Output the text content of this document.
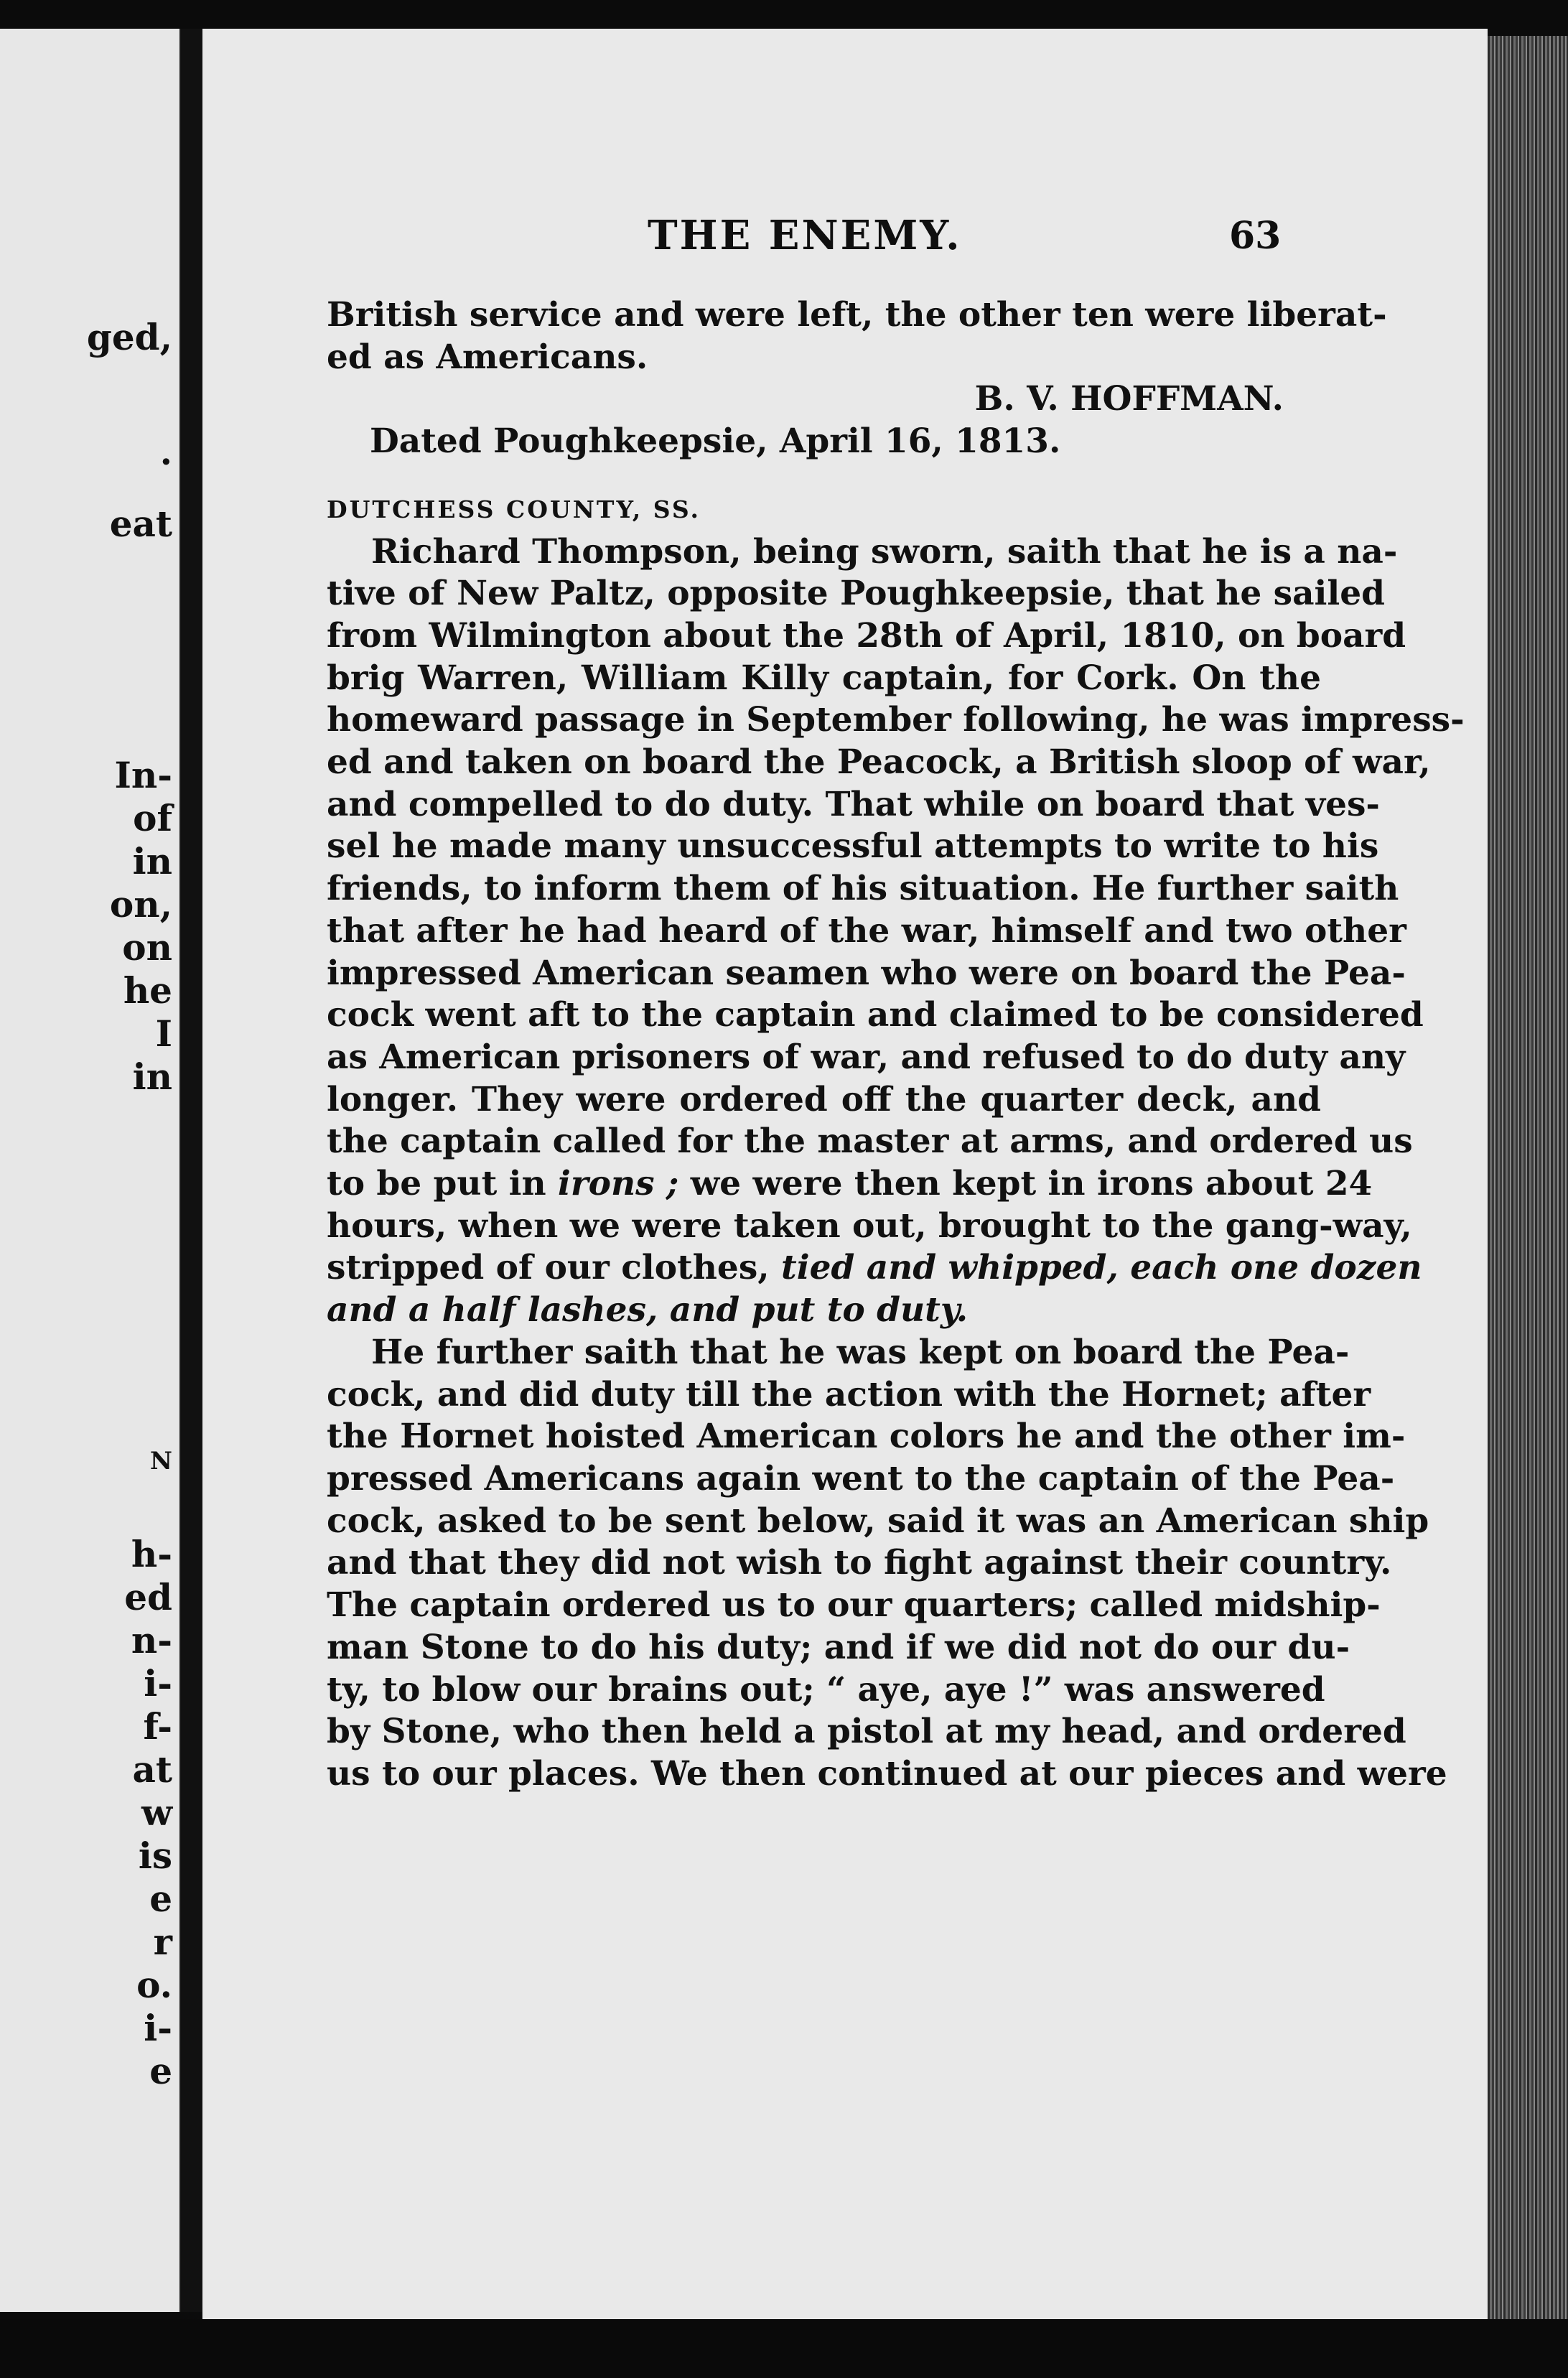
ged,
.
eat
In-
of
in
on,
on
he
I
in
N
h-
ed
n-
i-
f-
at
w
is
e
r
o.
i-
e
THE ENEMY.	63
British service and were left, the other ten were liberat-
ed as Americans.
B. V. HOFFMAN.
Dated Poughkeepsie, April 16, 1813.
DUTCHESS COUNTY, SS.
Richard Thompson, being sworn, saith that he is a na-
tive of New Paltz, opposite Poughkeepsie, that he sailed
from Wilmington about the 28th of April, 1810, on board
brig Warren, William Killy captain, for Cork. On the
homeward passage in September following, he was impress-
ed and taken on board the Peacock, a British sloop of war,
and compelled to do duty. That while on board that ves-
sel he made many unsuccessful attempts to write to his
friends, to inform them of his situation. He further saith
that after he had heard of the war, himself and two other
impressed American seamen who were on board the Pea-
cock went aft to the captain and claimed to be considered
as American prisoners of war, and refused to do duty any
longer. They were ordered off the quarter deck, and
the captain called for the master at arms, and ordered us
to be put in irons ; we were then kept in irons about 24
hours, when we were taken out, brought to the gang-way,
stripped of our clothes, tied and whipped, each one dozen
and a half lashes, and put to duty.
He further saith that he was kept on board the Pea-
cock, and did duty till the action with the Hornet; after
the Hornet hoisted American colors he and the other im-
pressed Americans again went to the captain of the Pea-
cock, asked to be sent below, said it was an American ship
and that they did not wish to fight against their country.
The captain ordered us to our quarters; called midship-
man Stone to do his duty; and if we did not do our du-
ty, to blow our brains out; “ aye, aye !” was answered
by Stone, who then held a pistol at my head, and ordered
us to our places. We then continued at our pieces and were
